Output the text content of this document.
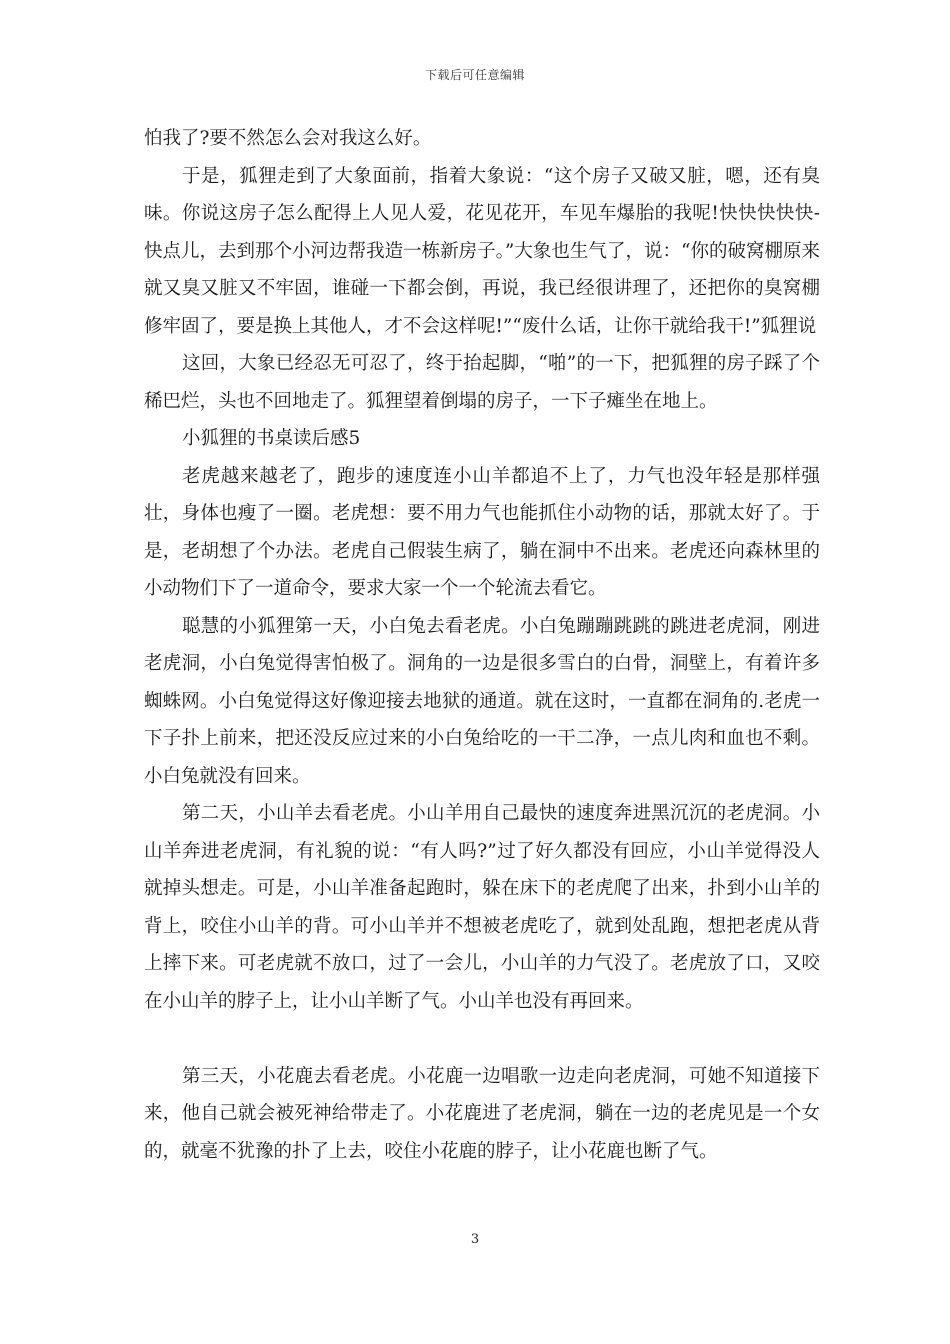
下载后可任意编辑

怕我了?要不然怎么会对我这么好。

于是，狐狸走到了大象面前，指着大象说：“这个房子又破又脏，嗯，还有臭味。你说这房子怎么配得上人见人爱，花见花开，车见车爆胎的我呢!快快快快快-快点儿，去到那个小河边帮我造一栋新房子。”大象也生气了，说：“你的破窝棚原来就又臭又脏又不牢固，谁碰一下都会倒，再说，我已经很讲理了，还把你的臭窝棚修牢固了，要是换上其他人，才不会这样呢!”“废什么话，让你干就给我干!”狐狸说

这回，大象已经忍无可忍了，终于抬起脚，“啪”的一下，把狐狸的房子踩了个稀巴烂，头也不回地走了。狐狸望着倒塌的房子，一下子瘫坐在地上。

小狐狸的书桌读后感5

老虎越来越老了，跑步的速度连小山羊都追不上了，力气也没年轻是那样强壮，身体也瘦了一圈。老虎想：要不用力气也能抓住小动物的话，那就太好了。于是，老胡想了个办法。老虎自己假装生病了，躺在洞中不出来。老虎还向森林里的小动物们下了一道命令，要求大家一个一个轮流去看它。

聪慧的小狐狸第一天，小白兔去看老虎。小白兔蹦蹦跳跳的跳进老虎洞，刚进老虎洞，小白兔觉得害怕极了。洞角的一边是很多雪白的白骨，洞壁上，有着许多蜘蛛网。小白兔觉得这好像迎接去地狱的通道。就在这时，一直都在洞角的.老虎一下子扑上前来，把还没反应过来的小白兔给吃的一干二净，一点儿肉和血也不剩。小白兔就没有回来。

第二天，小山羊去看老虎。小山羊用自己最快的速度奔进黑沉沉的老虎洞。小山羊奔进老虎洞，有礼貌的说：“有人吗?”过了好久都没有回应，小山羊觉得没人就掉头想走。可是，小山羊准备起跑时，躲在床下的老虎爬了出来，扑到小山羊的背上，咬住小山羊的背。可小山羊并不想被老虎吃了，就到处乱跑，想把老虎从背上摔下来。可老虎就不放口，过了一会儿，小山羊的力气没了。老虎放了口，又咬在小山羊的脖子上，让小山羊断了气。小山羊也没有再回来。

第三天，小花鹿去看老虎。小花鹿一边唱歌一边走向老虎洞，可她不知道接下来，他自己就会被死神给带走了。小花鹿进了老虎洞，躺在一边的老虎见是一个女的，就毫不犹豫的扑了上去，咬住小花鹿的脖子，让小花鹿也断了气。

3
